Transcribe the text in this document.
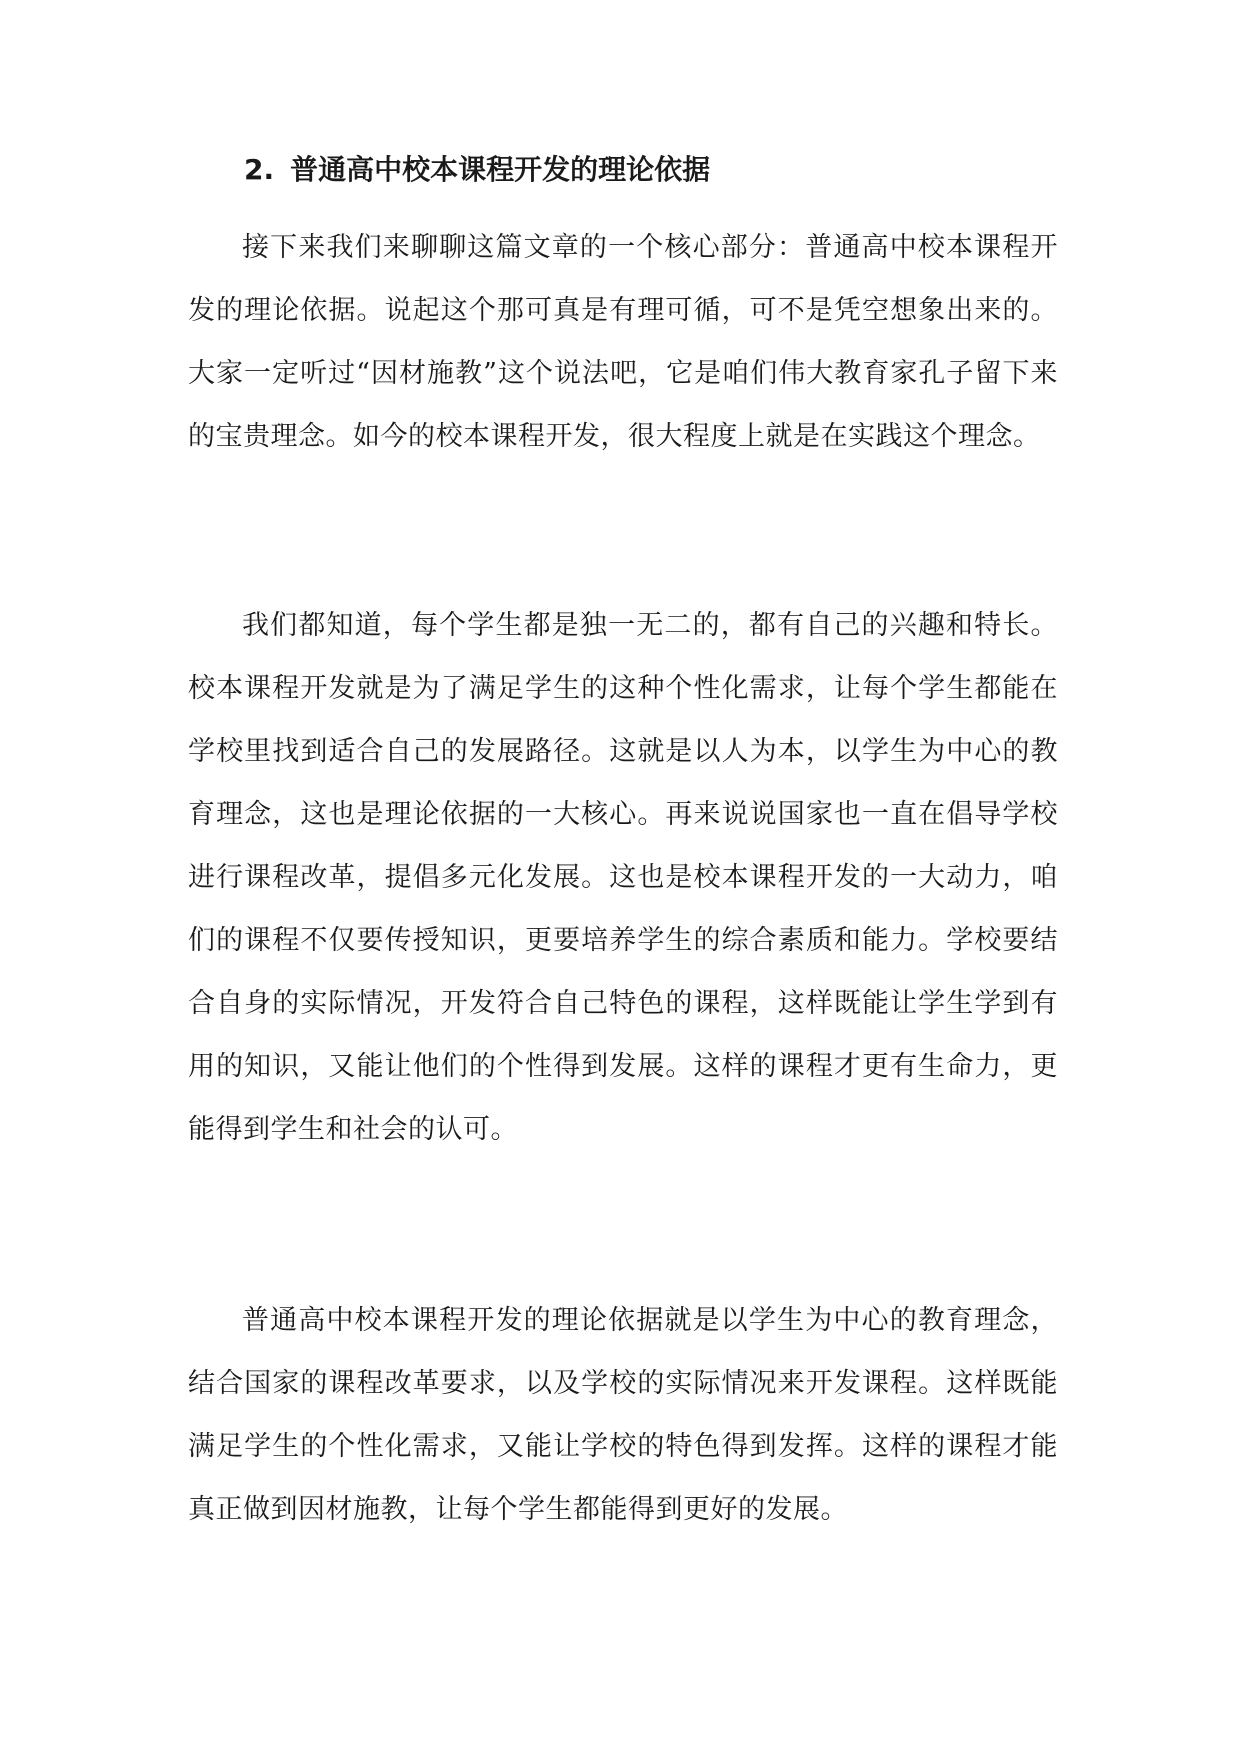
2. 普通高中校本课程开发的理论依据

接下来我们来聊聊这篇文章的一个核心部分：普通高中校本课程开发的理论依据。说起这个那可真是有理可循，可不是凭空想象出来的。大家一定听过“因材施教”这个说法吧，它是咱们伟大教育家孔子留下来的宝贵理念。如今的校本课程开发，很大程度上就是在实践这个理念。

我们都知道，每个学生都是独一无二的，都有自己的兴趣和特长。校本课程开发就是为了满足学生的这种个性化需求，让每个学生都能在学校里找到适合自己的发展路径。这就是以人为本，以学生为中心的教育理念，这也是理论依据的一大核心。再来说说国家也一直在倡导学校进行课程改革，提倡多元化发展。这也是校本课程开发的一大动力，咱们的课程不仅要传授知识，更要培养学生的综合素质和能力。学校要结合自身的实际情况，开发符合自己特色的课程，这样既能让学生学到有用的知识，又能让他们的个性得到发展。这样的课程才更有生命力，更能得到学生和社会的认可。

普通高中校本课程开发的理论依据就是以学生为中心的教育理念，结合国家的课程改革要求，以及学校的实际情况来开发课程。这样既能满足学生的个性化需求，又能让学校的特色得到发挥。这样的课程才能真正做到因材施教，让每个学生都能得到更好的发展。
